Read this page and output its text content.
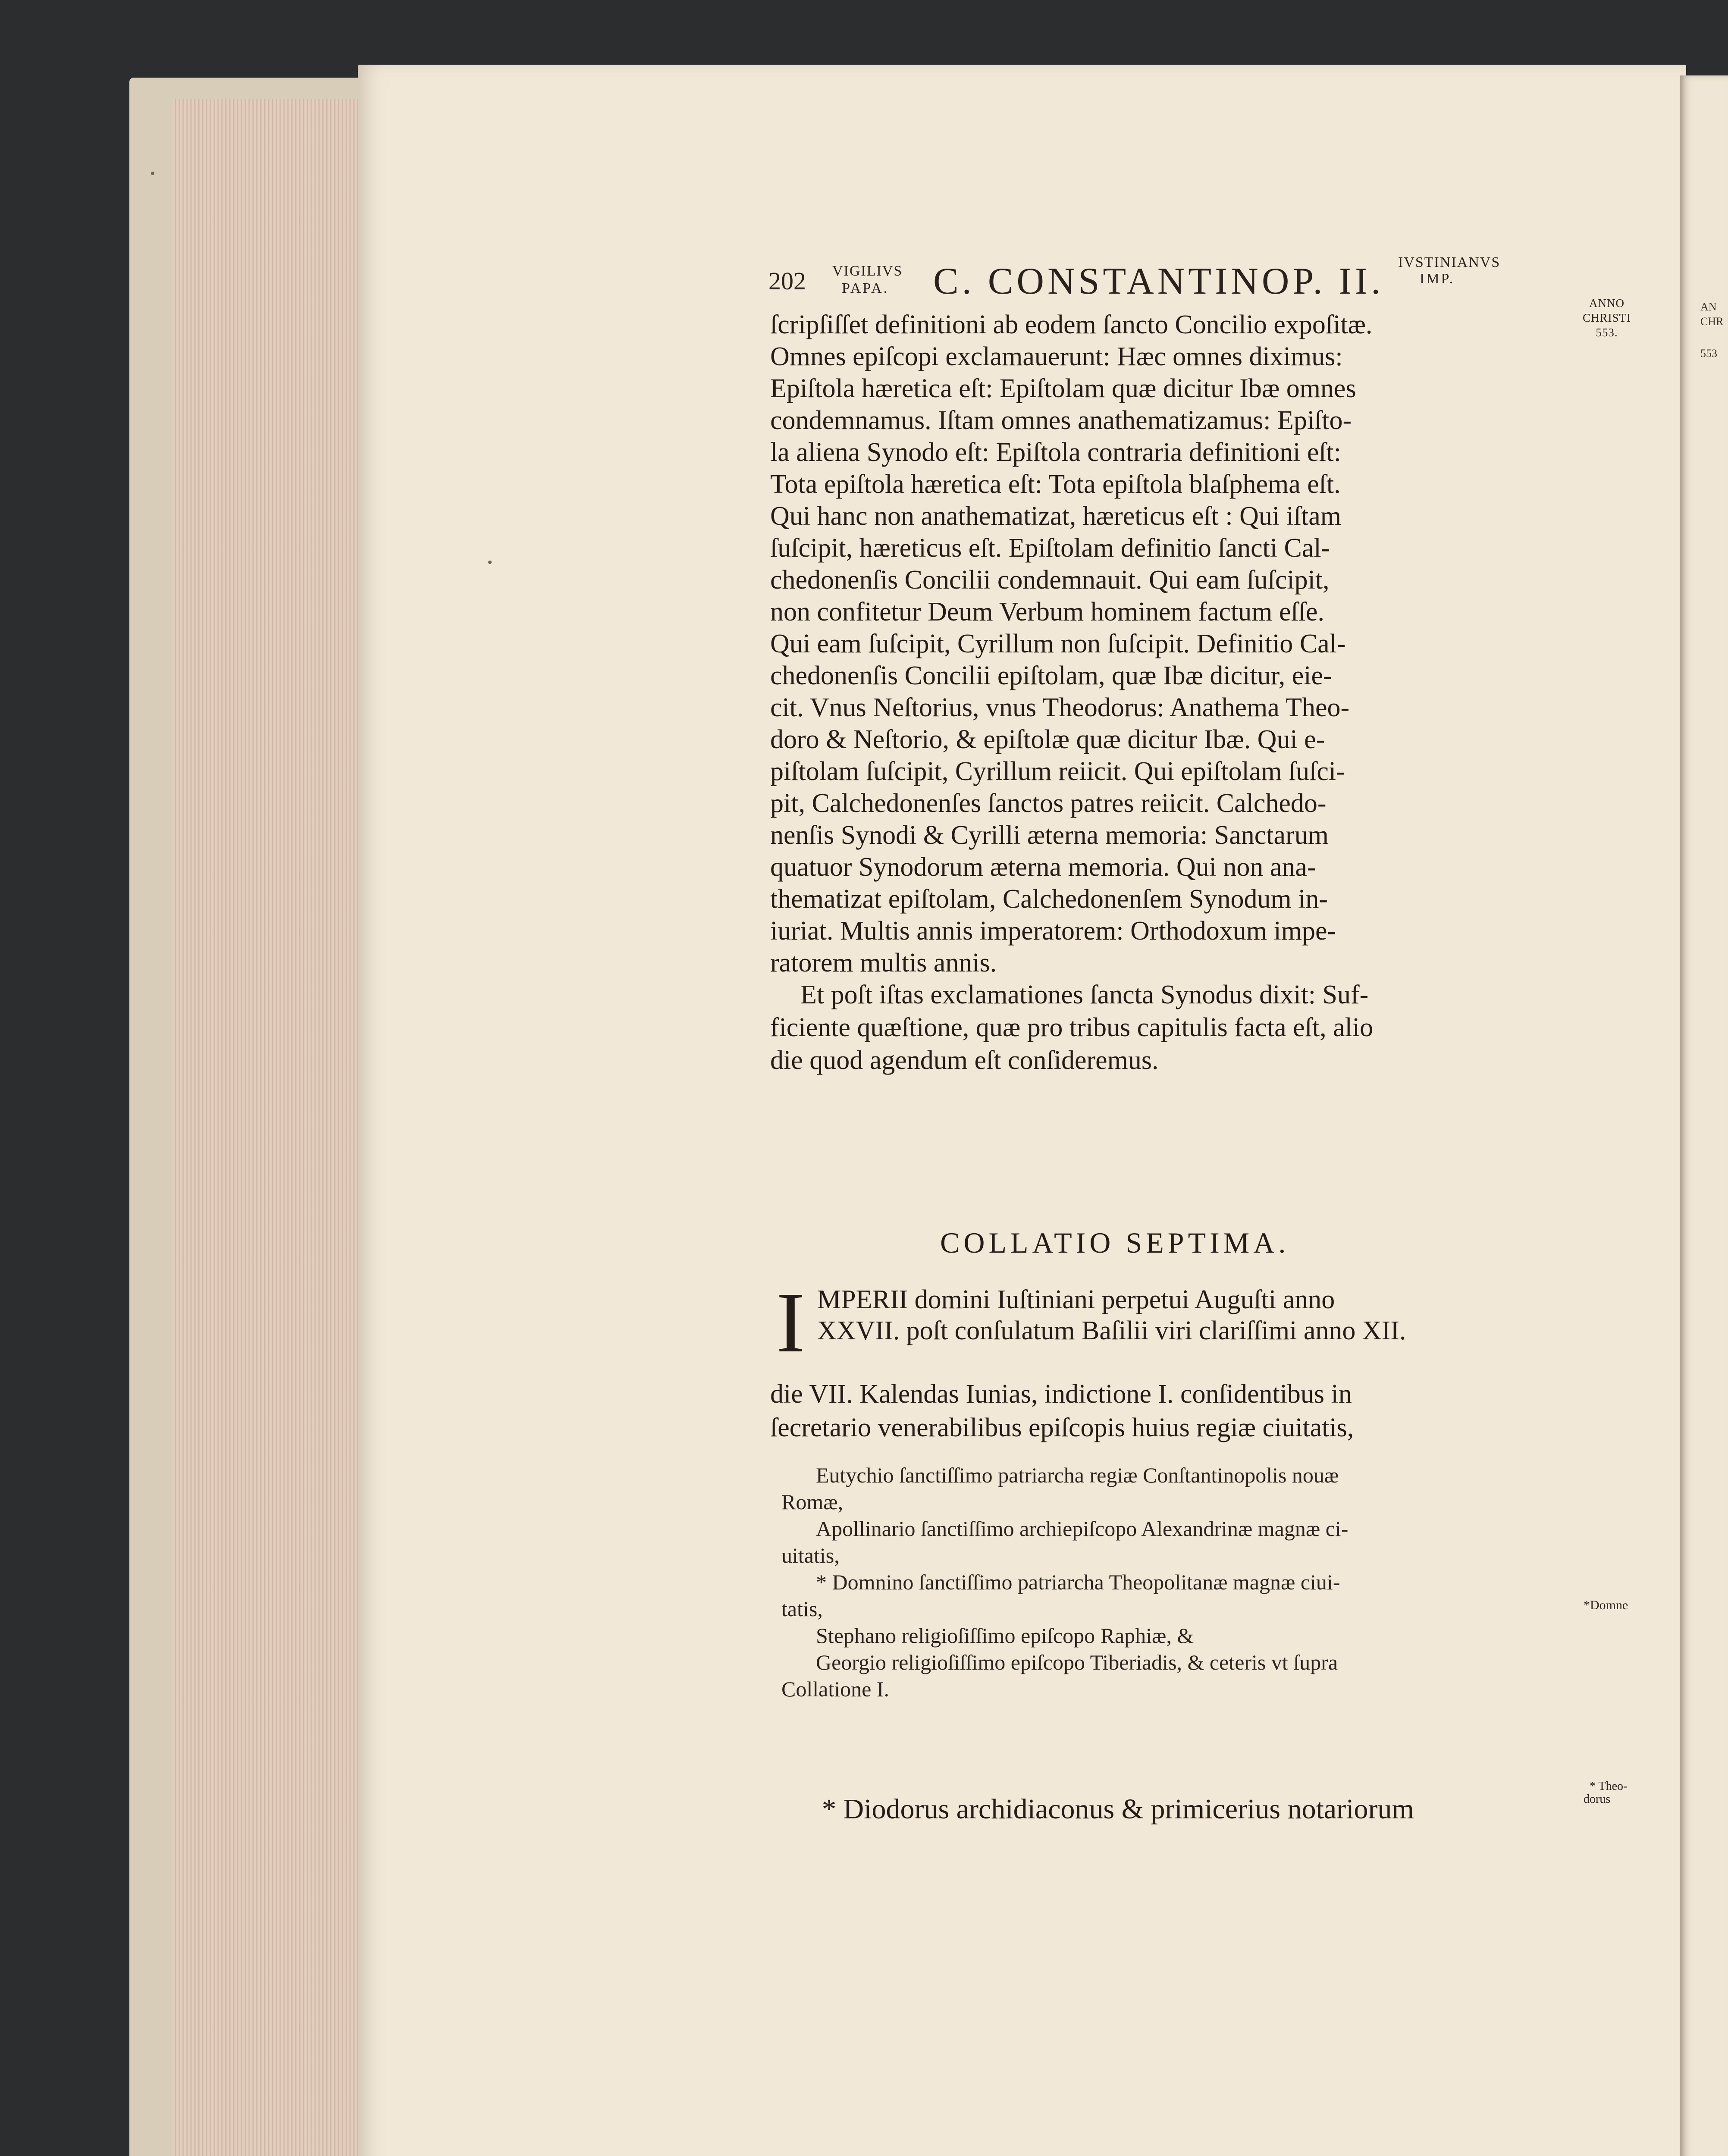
AN
CHR
553
202 VIGILIVS
PAPA. C. CONSTANTINOP. II. IVSTINIANVS
IMP.
ANNO
CHRISTI
553.
ſcripſiſſet definitioni ab eodem ſancto Concilio expoſitæ.
Omnes epiſcopi exclamauerunt: Hæc omnes diximus:
Epiſtola hæretica eſt: Epiſtolam quæ dicitur Ibæ omnes
condemnamus. Iſtam omnes anathematizamus: Epiſto-
la aliena Synodo eſt: Epiſtola contraria definitioni eſt:
Tota epiſtola hæretica eſt: Tota epiſtola blaſphema eſt.
Qui hanc non anathematizat, hæreticus eſt : Qui iſtam
ſuſcipit, hæreticus eſt. Epiſtolam definitio ſancti Cal-
chedonenſis Concilii condemnauit. Qui eam ſuſcipit,
non confitetur Deum Verbum hominem factum eſſe.
Qui eam ſuſcipit, Cyrillum non ſuſcipit. Definitio Cal-
chedonenſis Concilii epiſtolam, quæ Ibæ dicitur, eie-
cit. Vnus Neſtorius, vnus Theodorus: Anathema Theo-
doro & Neſtorio, & epiſtolæ quæ dicitur Ibæ. Qui e-
piſtolam ſuſcipit, Cyrillum reiicit. Qui epiſtolam ſuſci-
pit, Calchedonenſes ſanctos patres reiicit. Calchedo-
nenſis Synodi & Cyrilli æterna memoria: Sanctarum
quatuor Synodorum æterna memoria. Qui non ana-
thematizat epiſtolam, Calchedonenſem Synodum in-
iuriat. Multis annis imperatorem: Orthodoxum impe-
ratorem multis annis.
Et poſt iſtas exclamationes ſancta Synodus dixit: Suf-
ficiente quæſtione, quæ pro tribus capitulis facta eſt, alio
die quod agendum eſt conſideremus.
COLLATIO SEPTIMA.
I MPERII domini Iuſtiniani perpetui Auguſti anno
XXVII. poſt conſulatum Baſilii viri clariſſimi anno XII.
die VII. Kalendas Iunias, indictione I. conſidentibus in
ſecretario venerabilibus epiſcopis huius regiæ ciuitatis,
Eutychio ſanctiſſimo patriarcha regiæ Conſtantinopolis nouæ
Romæ,
Apollinario ſanctiſſimo archiepiſcopo Alexandrinæ magnæ ci-
uitatis,
* Domnino ſanctiſſimo patriarcha Theopolitanæ magnæ ciui-
tatis,
Stephano religioſiſſimo epiſcopo Raphiæ, &
Georgio religioſiſſimo epiſcopo Tiberiadis, & ceteris vt ſupra
Collatione I.
*Domne
* Theo-
dorus
* Diodorus archidiaconus & primicerius notariorum
